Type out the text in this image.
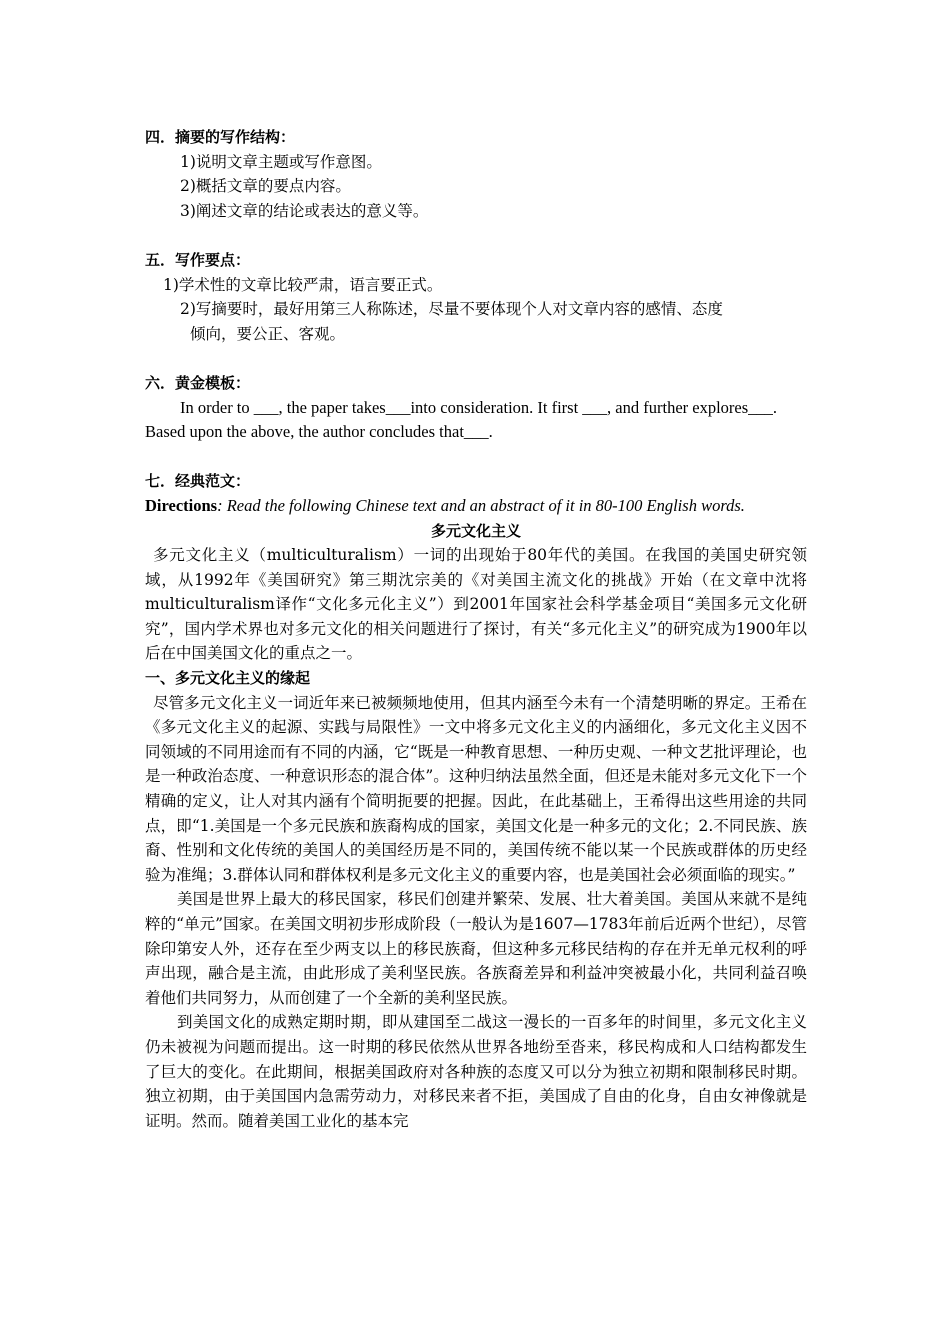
四．摘要的写作结构：
1)说明文章主题或写作意图。
2)概括文章的要点内容。
3)阐述文章的结论或表达的意义等。
五．写作要点：
1)学术性的文章比较严肃，语言要正式。
2)写摘要时，最好用第三人称陈述，尽量不要体现个人对文章内容的感情、态度
倾向，要公正、客观。
六．黄金模板：
In order to ___, the paper takes___into consideration. It first ___, and further explores___.
Based upon the above, the author concludes that___.
七．经典范文：
Directions: Read the following Chinese text and an abstract of it in 80-100 English words.
多元文化主义
多元文化主义（multiculturalism）一词的出现始于80年代的美国。在我国的美国史研究领域，从1992年《美国研究》第三期沈宗美的《对美国主流文化的挑战》开始（在文章中沈将multiculturalism译作“文化多元化主义”）到2001年国家社会科学基金项目“美国多元文化研究”，国内学术界也对多元文化的相关问题进行了探讨，有关“多元化主义”的研究成为1900年以后在中国美国文化的重点之一。
一、多元文化主义的缘起
尽管多元文化主义一词近年来已被频频地使用，但其内涵至今未有一个清楚明晰的界定。王希在《多元文化主义的起源、实践与局限性》一文中将多元文化主义的内涵细化，多元文化主义因不同领域的不同用途而有不同的内涵，它“既是一种教育思想、一种历史观、一种文艺批评理论，也是一种政治态度、一种意识形态的混合体”。这种归纳法虽然全面，但还是未能对多元文化下一个精确的定义，让人对其内涵有个简明扼要的把握。因此，在此基础上，王希得出这些用途的共同点，即“1.美国是一个多元民族和族裔构成的国家，美国文化是一种多元的文化；2.不同民族、族裔、性别和文化传统的美国人的美国经历是不同的，美国传统不能以某一个民族或群体的历史经验为准绳；3.群体认同和群体权利是多元文化主义的重要内容，也是美国社会必须面临的现实。”
美国是世界上最大的移民国家，移民们创建并繁荣、发展、壮大着美国。美国从来就不是纯粹的“单元”国家。在美国文明初步形成阶段（一般认为是1607—1783年前后近两个世纪），尽管除印第安人外，还存在至少两支以上的移民族裔，但这种多元移民结构的存在并无单元权利的呼声出现，融合是主流，由此形成了美利坚民族。各族裔差异和利益冲突被最小化，共同利益召唤着他们共同努力，从而创建了一个全新的美利坚民族。
到美国文化的成熟定期时期，即从建国至二战这一漫长的一百多年的时间里，多元文化主义仍未被视为问题而提出。这一时期的移民依然从世界各地纷至沓来，移民构成和人口结构都发生了巨大的变化。在此期间，根据美国政府对各种族的态度又可以分为独立初期和限制移民时期。独立初期，由于美国国内急需劳动力，对移民来者不拒，美国成了自由的化身，自由女神像就是证明。然而。随着美国工业化的基本完
